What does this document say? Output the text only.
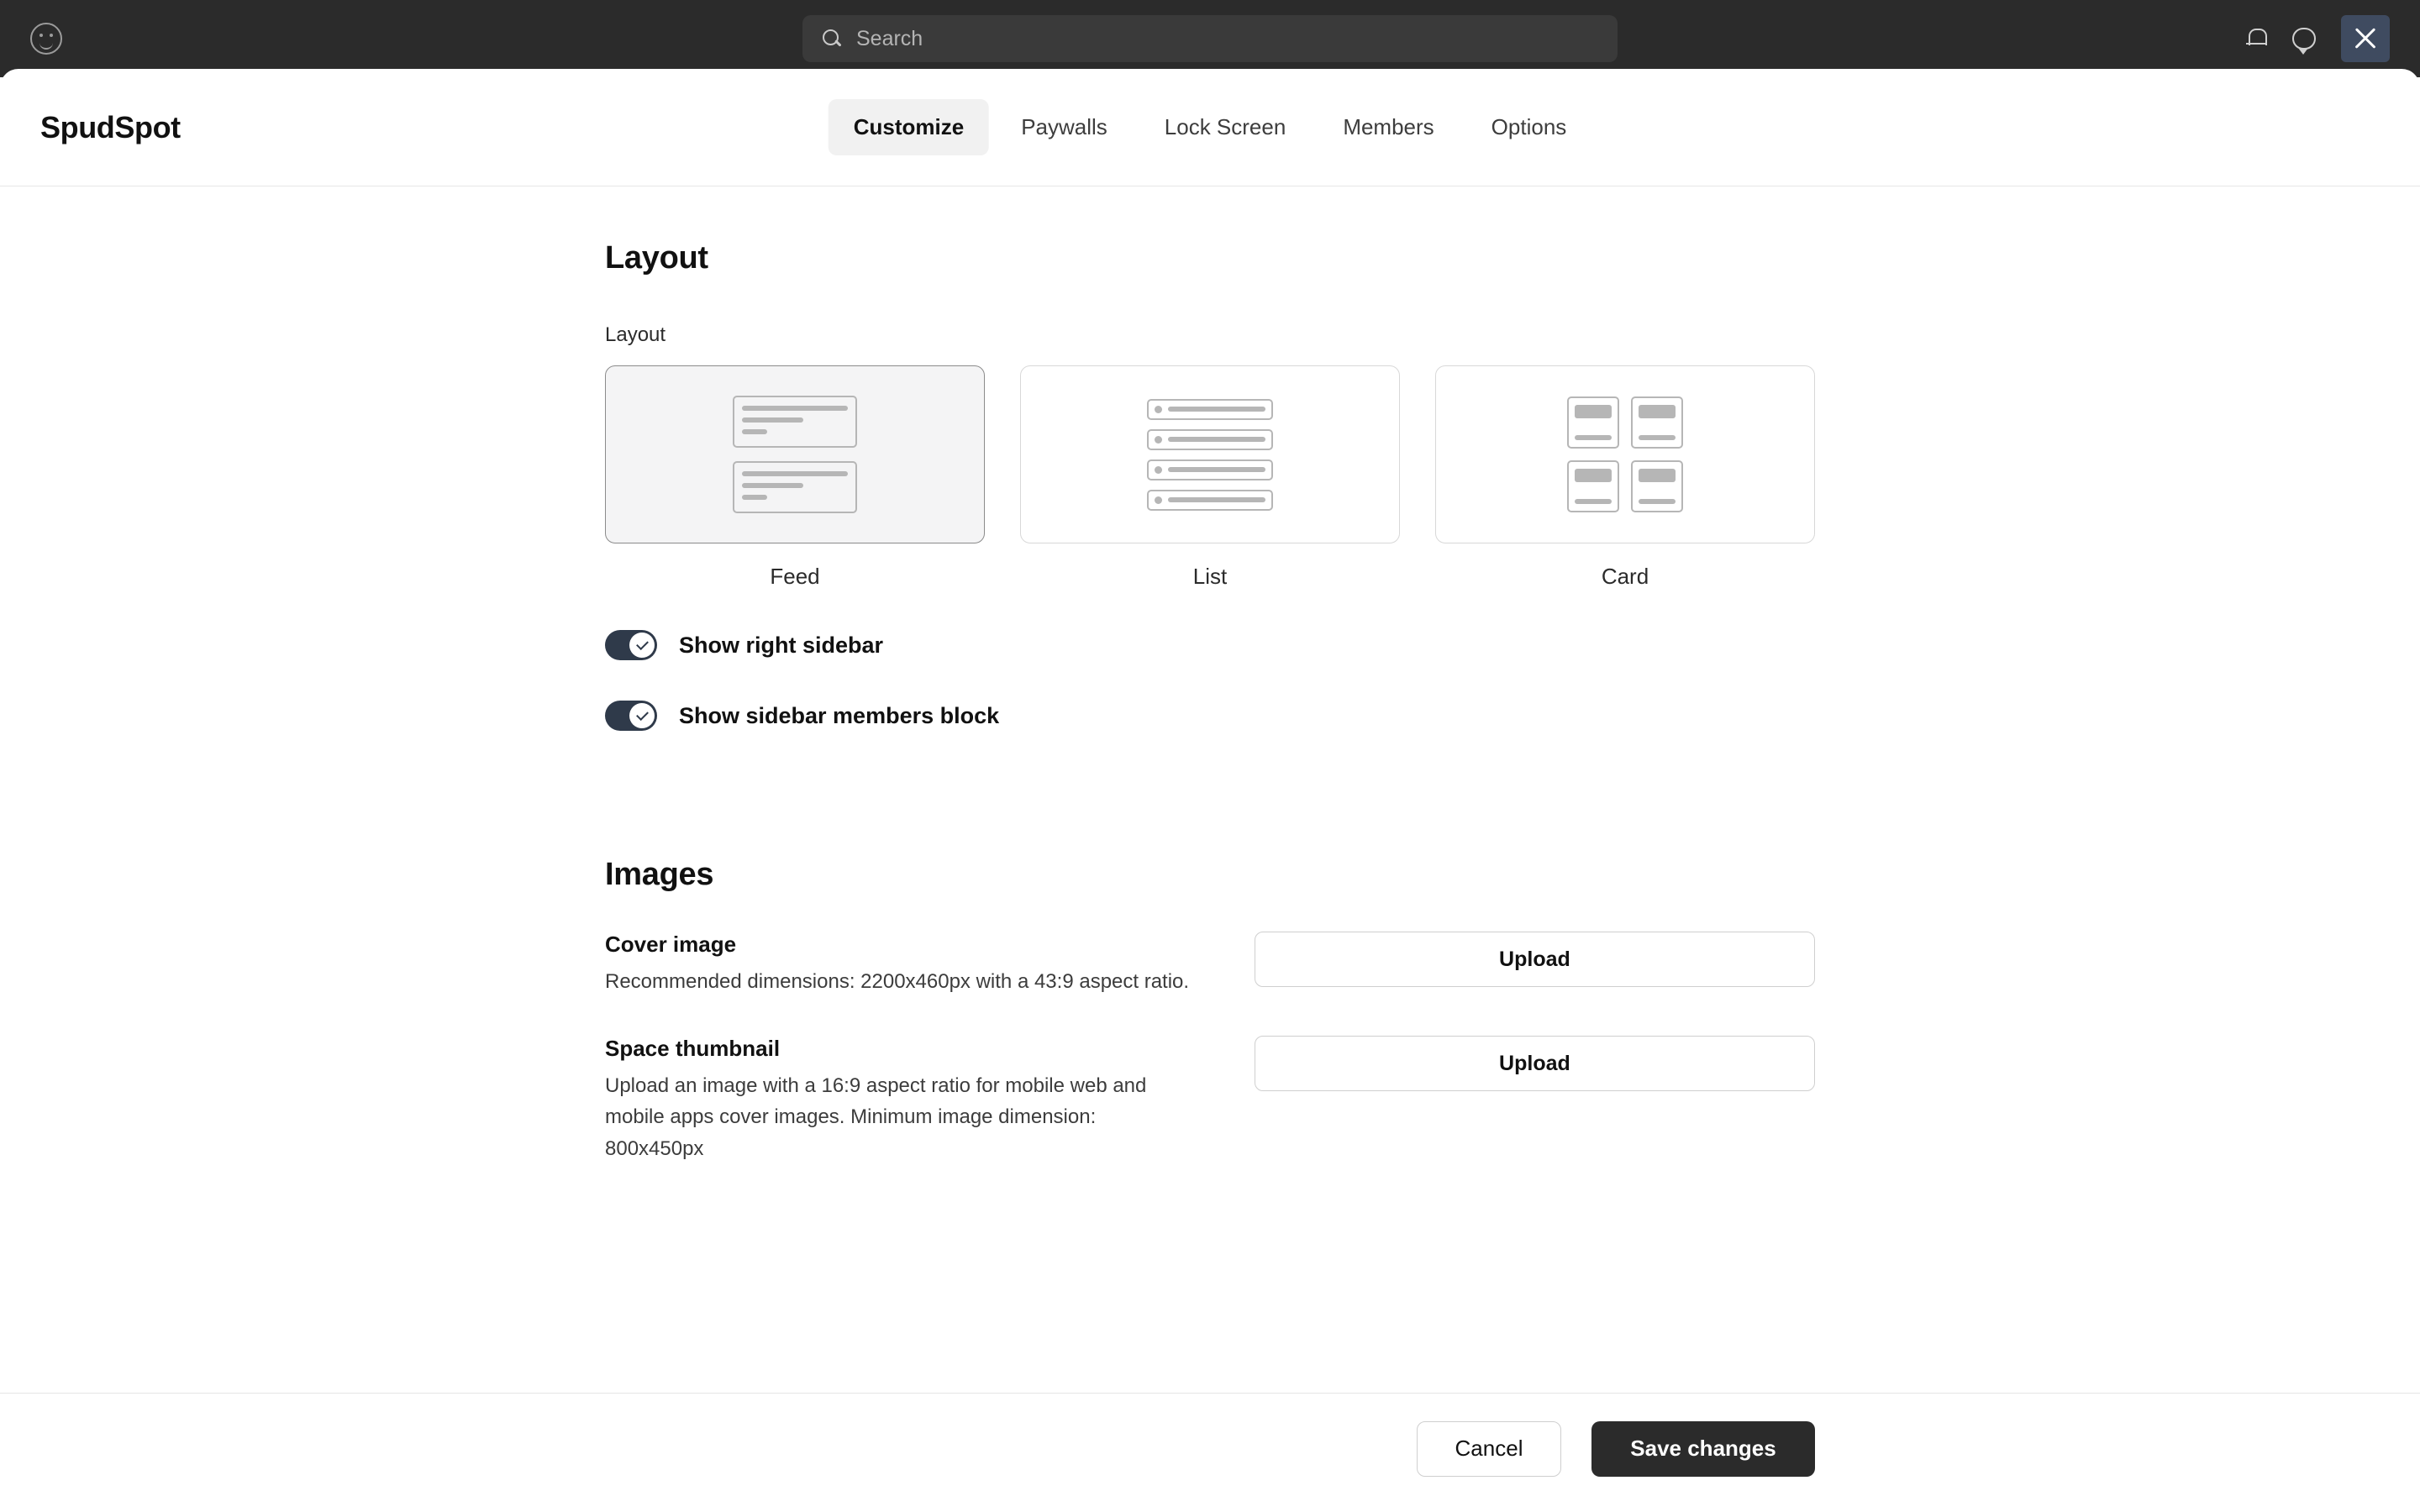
Search
SpudSpot	Customize	Paywalls	Lock Screen	Members	Options
Layout
Layout
Feed	List	Card
Show right sidebar
Show sidebar members block
Images
Cover image
Recommended dimensions: 2200x460px with a 43:9 aspect ratio.
Upload
Space thumbnail
Upload an image with a 16:9 aspect ratio for mobile web and mobile apps cover images. Minimum image dimension: 800x450px
Upload
Cancel	Save changes
